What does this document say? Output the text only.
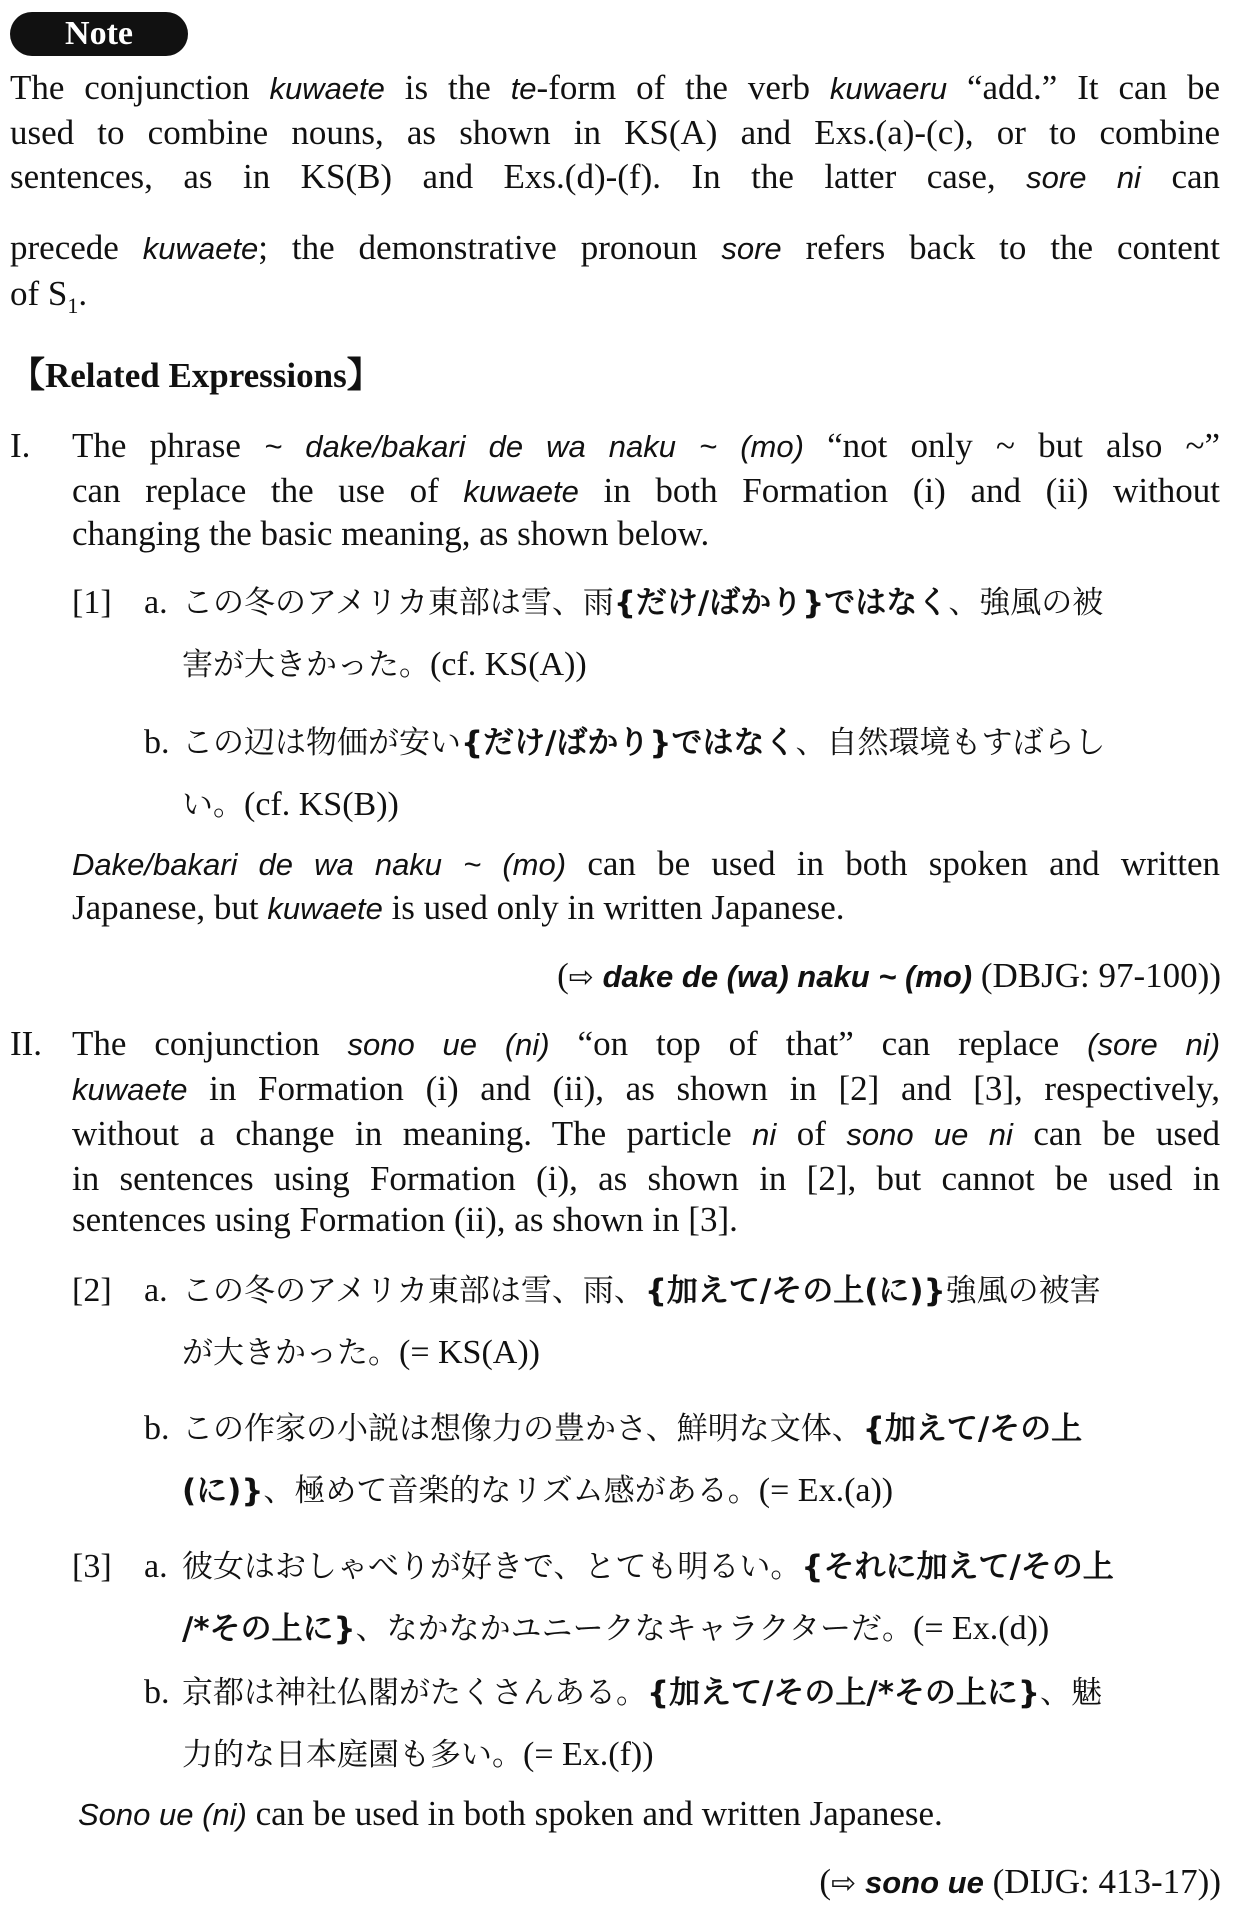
Note
The conjunction kuwaete is the te-form of the verb kuwaeru “add.” It can be
used to combine nouns, as shown in KS(A) and Exs.(a)-(c), or to combine
sentences, as in KS(B) and Exs.(d)-(f). In the latter case, sore ni can
precede kuwaete; the demonstrative pronoun sore refers back to the content
of $S_1$.
【Related Expressions】
I. The phrase ~ dake/bakari de wa naku ~ (mo) “not only ~ but also ~”
can replace the use of kuwaete in both Formation (i) and (ii) without
changing the basic meaning, as shown below.
[1] a. この冬のアメリカ東部は雪、雨{だけ/ばかり}ではなく、強風の被
害が大きかった。(cf. KS(A))
b. この辺は物価が安い{だけ/ばかり}ではなく、自然環境もすばらし
い。(cf. KS(B))
Dake/bakari de wa naku ~ (mo) can be used in both spoken and written
Japanese, but kuwaete is used only in written Japanese.
(⇨ dake de (wa) naku ~ (mo) (DBJG: 97-100))
II. The conjunction sono ue (ni) “on top of that” can replace (sore ni)
kuwaete in Formation (i) and (ii), as shown in [2] and [3], respectively,
without a change in meaning. The particle ni of sono ue ni can be used
in sentences using Formation (i), as shown in [2], but cannot be used in
sentences using Formation (ii), as shown in [3].
[2] a. この冬のアメリカ東部は雪、雨、{加えて/その上(に)}強風の被害
が大きかった。(= KS(A))
b. この作家の小説は想像力の豊かさ、鮮明な文体、{加えて/その上
(に)}、極めて音楽的なリズム感がある。(= Ex.(a))
[3] a. 彼女はおしゃべりが好きで、とても明るい。{それに加えて/その上
/*その上に}、なかなかユニークなキャラクターだ。(= Ex.(d))
b. 京都は神社仏閣がたくさんある。{加えて/その上/*その上に}、魅
力的な日本庭園も多い。(= Ex.(f))
Sono ue (ni) can be used in both spoken and written Japanese.
(⇨ sono ue (DIJG: 413-17))
